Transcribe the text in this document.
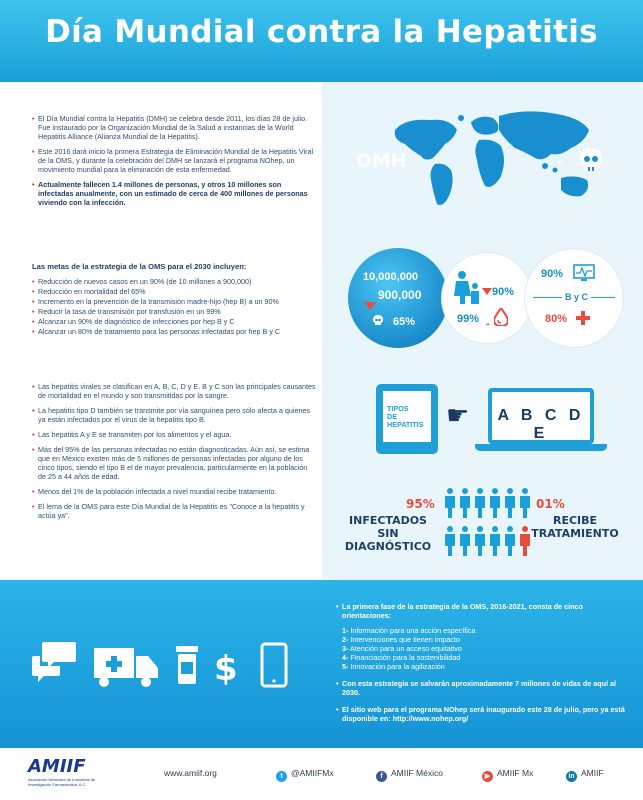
Día Mundial contra la Hepatitis
• El Día Mundial contra la Hepatitis (DMH) se celebra desde 2011, los días 28 de julio. Fue instaurado por la Organización Mundial de la Salud a instancias de la World Hepatitis Alliance (Alianza Mundial de la Hepatitis).
• Este 2016 dará inicio la primera Estrategia de Eliminación Mundial de la Hepatitis Viral de la OMS, y durante la celebración del DMH se lanzará el programa NOhep, un movimiento mundial para la eliminación de esta enfermedad.
• Actualmente fallecen 1.4 millones de personas, y otros 10 millones son infectadas anualmente, con un estimado de cerca de 400 millones de personas viviendo con la infección.
Las metas de la estrategia de la OMS para el 2030 incluyen:
• Reducción de nuevos casos en un 90% (de 10 millones a 900,000)
• Reducción en mortalidad del 65%
• Incremento en la prevención de la transmisión madre-hijo (hep B) a un 90%
• Reducir la tasa de transmisión por transfusión en un 99%
• Alcanzar un 90% de diagnóstico de infecciones por hep B y C
• Alcanzar un 80% de tratamiento para las personas infectadas por hep B y C
• Las hepatitis virales se clasifican en A, B, C, D y E. B y C son las principales causantes de mortalidad en el mundo y son transmitidas por la sangre.
• La hepatitis tipo D también se transmite por vía sanguínea pero sólo afecta a quienes ya están infectados por el virus de la hepatitis tipo B.
• Las hepatitis A y E se transmiten por los alimentos y el agua.
• Más del 95% de las personas infectadas no están diagnosticadas. Aún así, se estima que en México existen más de 5 millones de personas infectadas por alguno de los cinco tipos, siendo el tipo B el de mayor prevalencia, particularmente en la población de 25 a 44 años de edad.
• Menos del 1% de la población infectada a nivel mundial recibe tratamiento.
• El lema de la OMS para este Día Mundial de la Hepatitis es "Conoce a la hepatitis y actúa ya".
DMH	-
10,000,000
900,000
65%
90%
99% -
90%
B y C
80%
TIPOS
DE
HEPATITIS ☛	A B C D E
95%
INFECTADOS
SIN DIAGNÓSTICO
01%
RECIBE
TRATAMIENTO
$
• La primera fase de la estrategia de la OMS, 2016-2021, consta de cinco orientaciones:
1- Información para una acción específica
2- Intervenciones que tienen impacto
3- Atención para un acceso equitativo
4- Financiación para la sostenibilidad
5- Innovación para la agilización
• Con esta estrategia se salvarán aproximadamente 7 millones de vidas de aquí al 2030.
• El sitio web para el programa NOhep será inaugurado este 28 de julio, pero ya está disponible en: http://www.nohep.org/
AMIIF
Asociación Mexicana de Industrias de Investigación Farmacéutica, A.C.
www.amiif.org	t @AMIIFMx	f AMIIF México	▶ AMIIF Mx	in AMIIF
